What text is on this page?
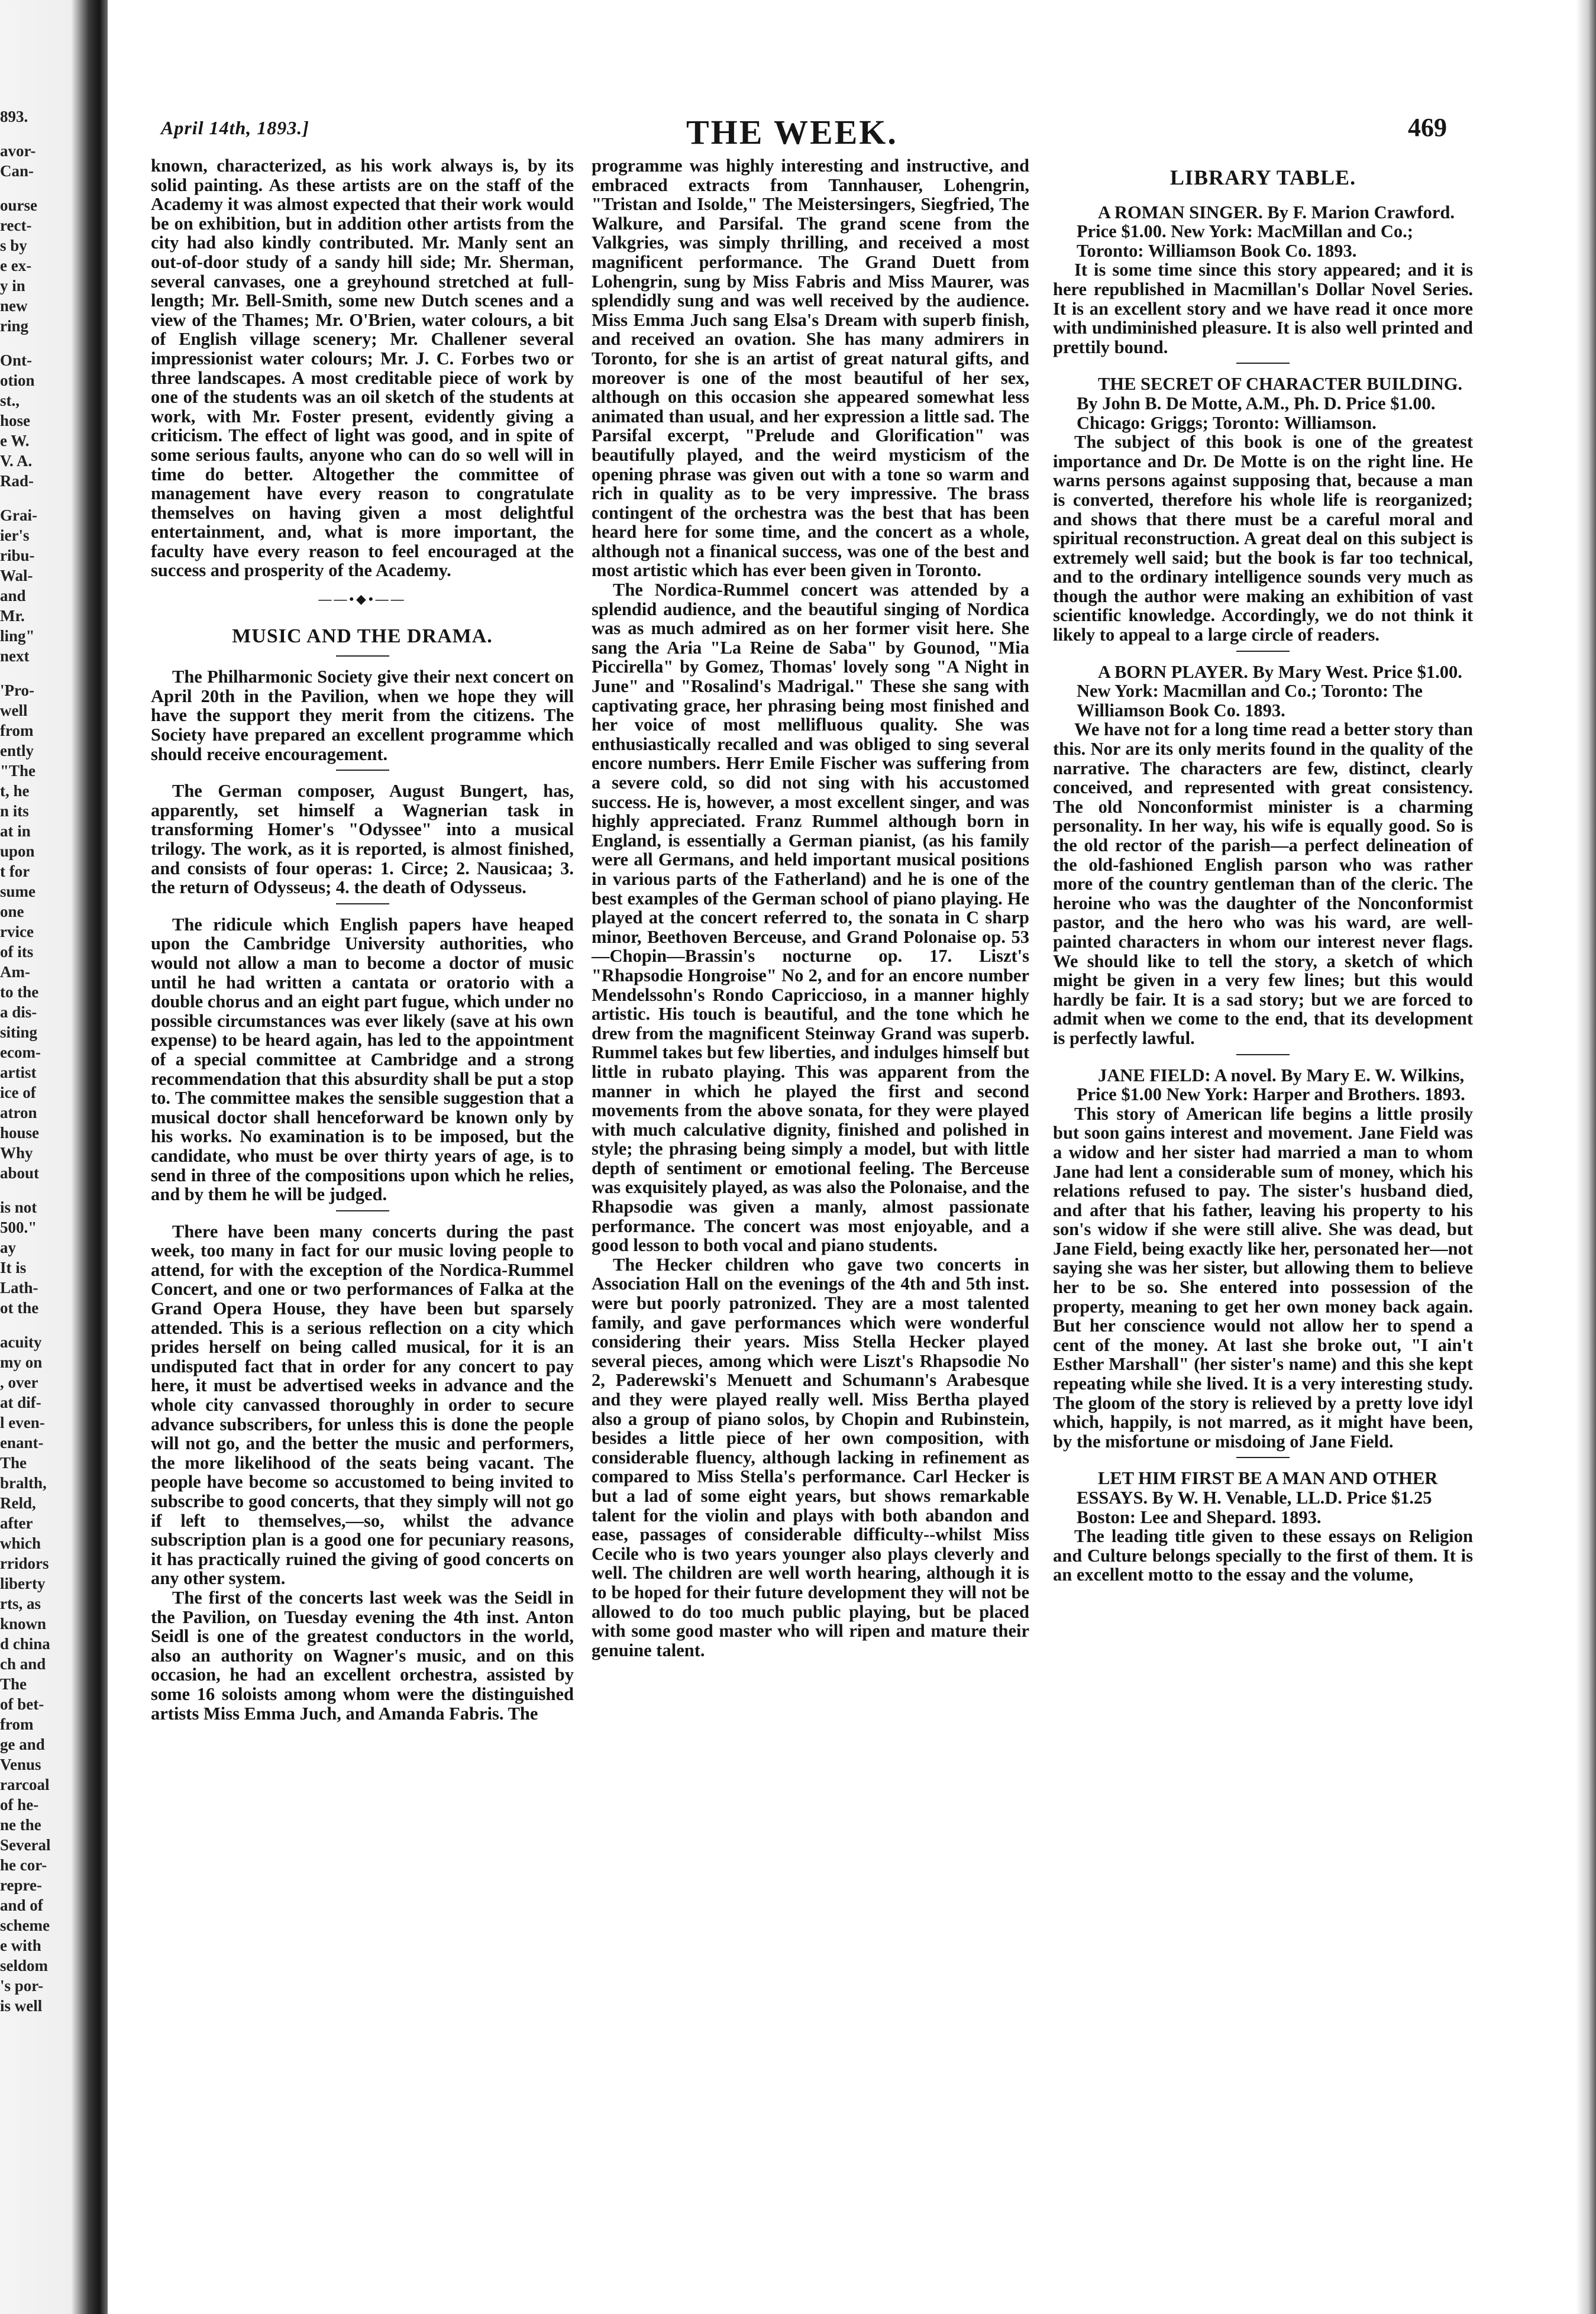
893.
avor-
Can-
ourse
rect-
s by
e ex-
y in
new
ring
Ont-
otion
st.,
hose
e W.
V. A.
Rad-
Grai-
ier's
ribu-
Wal-
and
Mr.
ling"
next
'Pro-
well
from
ently
"The
t, he
n its
at in
upon
t for
sume
one
rvice
of its
Am-
to the
a dis-
siting
ecom-
artist
ice of
atron
house
Why
about
is not
500."
ay
It is
Lath-
ot the
acuity
my on
, over
at dif-
l even-
enant-
The
bralth,
Reld,
after
which
rridors
liberty
rts, as
known
d china
ch and
The
of bet-
from
ge and
Venus
rarcoal
of he-
ne the
Several
he cor-
repre-
and of
scheme
e with
seldom
's por-
is well
April 14th, 1893.]	THE WEEK.	469

known, characterized, as his work always is, by its solid painting. As these artists are on the staff of the Academy it was almost expected that their work would be on exhibition, but in addition other artists from the city had also kindly contributed. Mr. Manly sent an out-of-door study of a sandy hill side; Mr. Sherman, several canvases, one a greyhound stretched at full-length; Mr. Bell-Smith, some new Dutch scenes and a view of the Thames; Mr. O'Brien, water colours, a bit of English village scenery; Mr. Challener several impressionist water colours; Mr. J. C. Forbes two or three landscapes. A most creditable piece of work by one of the students was an oil sketch of the students at work, with Mr. Foster present, evidently giving a criticism. The effect of light was good, and in spite of some serious faults, anyone who can do so well will in time do better. Altogether the committee of management have every reason to congratulate themselves on having given a most delightful entertainment, and, what is more important, the faculty have every reason to feel encouraged at the success and prosperity of the Academy.

——•◆•——
MUSIC AND THE DRAMA.

The Philharmonic Society give their next concert on April 20th in the Pavilion, when we hope they will have the support they merit from the citizens. The Society have prepared an excellent programme which should receive encouragement.

The German composer, August Bungert, has, apparently, set himself a Wagnerian task in transforming Homer's "Odyssee" into a musical trilogy. The work, as it is reported, is almost finished, and consists of four operas: 1. Circe; 2. Nausicaa; 3. the return of Odysseus; 4. the death of Odysseus.

The ridicule which English papers have heaped upon the Cambridge University authorities, who would not allow a man to become a doctor of music until he had written a cantata or oratorio with a double chorus and an eight part fugue, which under no possible circumstances was ever likely (save at his own expense) to be heard again, has led to the appointment of a special committee at Cambridge and a strong recommendation that this absurdity shall be put a stop to. The committee makes the sensible suggestion that a musical doctor shall henceforward be known only by his works. No examination is to be imposed, but the candidate, who must be over thirty years of age, is to send in three of the compositions upon which he relies, and by them he will be judged.

There have been many concerts during the past week, too many in fact for our music loving people to attend, for with the exception of the Nordica-Rummel Concert, and one or two performances of Falka at the Grand Opera House, they have been but sparsely attended. This is a serious reflection on a city which prides herself on being called musical, for it is an undisputed fact that in order for any concert to pay here, it must be advertised weeks in advance and the whole city canvassed thoroughly in order to secure advance subscribers, for unless this is done the people will not go, and the better the music and performers, the more likelihood of the seats being vacant. The people have become so accustomed to being invited to subscribe to good concerts, that they simply will not go if left to themselves,—so, whilst the advance subscription plan is a good one for pecuniary reasons, it has practically ruined the giving of good concerts on any other system.

The first of the concerts last week was the Seidl in the Pavilion, on Tuesday evening the 4th inst. Anton Seidl is one of the greatest conductors in the world, also an authority on Wagner's music, and on this occasion, he had an excellent orchestra, assisted by some 16 soloists among whom were the distinguished artists Miss Emma Juch, and Amanda Fabris. The

programme was highly interesting and instructive, and embraced extracts from Tannhauser, Lohengrin, "Tristan and Isolde," The Meistersingers, Siegfried, The Walkure, and Parsifal. The grand scene from the Valkgries, was simply thrilling, and received a most magnificent performance. The Grand Duett from Lohengrin, sung by Miss Fabris and Miss Maurer, was splendidly sung and was well received by the audience. Miss Emma Juch sang Elsa's Dream with superb finish, and received an ovation. She has many admirers in Toronto, for she is an artist of great natural gifts, and moreover is one of the most beautiful of her sex, although on this occasion she appeared somewhat less animated than usual, and her expression a little sad. The Parsifal excerpt, "Prelude and Glorification" was beautifully played, and the weird mysticism of the opening phrase was given out with a tone so warm and rich in quality as to be very impressive. The brass contingent of the orchestra was the best that has been heard here for some time, and the concert as a whole, although not a finanical success, was one of the best and most artistic which has ever been given in Toronto.

The Nordica-Rummel concert was attended by a splendid audience, and the beautiful singing of Nordica was as much admired as on her former visit here. She sang the Aria "La Reine de Saba" by Gounod, "Mia Piccirella" by Gomez, Thomas' lovely song "A Night in June" and "Rosalind's Madrigal." These she sang with captivating grace, her phrasing being most finished and her voice of most mellifluous quality. She was enthusiastically recalled and was obliged to sing several encore numbers. Herr Emile Fischer was suffering from a severe cold, so did not sing with his accustomed success. He is, however, a most excellent singer, and was highly appreciated. Franz Rummel although born in England, is essentially a German pianist, (as his family were all Germans, and held important musical positions in various parts of the Fatherland) and he is one of the best examples of the German school of piano playing. He played at the concert referred to, the sonata in C sharp minor, Beethoven Berceuse, and Grand Polonaise op. 53—Chopin—Brassin's nocturne op. 17. Liszt's "Rhapsodie Hongroise" No 2, and for an encore number Mendelssohn's Rondo Capriccioso, in a manner highly artistic. His touch is beautiful, and the tone which he drew from the magnificent Steinway Grand was superb. Rummel takes but few liberties, and indulges himself but little in rubato playing. This was apparent from the manner in which he played the first and second movements from the above sonata, for they were played with much calculative dignity, finished and polished in style; the phrasing being simply a model, but with little depth of sentiment or emotional feeling. The Berceuse was exquisitely played, as was also the Polonaise, and the Rhapsodie was given a manly, almost passionate performance. The concert was most enjoyable, and a good lesson to both vocal and piano students.

The Hecker children who gave two concerts in Association Hall on the evenings of the 4th and 5th inst. were but poorly patronized. They are a most talented family, and gave performances which were wonderful considering their years. Miss Stella Hecker played several pieces, among which were Liszt's Rhapsodie No 2, Paderewski's Menuett and Schumann's Arabesque and they were played really well. Miss Bertha played also a group of piano solos, by Chopin and Rubinstein, besides a little piece of her own composition, with considerable fluency, although lacking in refinement as compared to Miss Stella's performance. Carl Hecker is but a lad of some eight years, but shows remarkable talent for the violin and plays with both abandon and ease, passages of considerable difficulty--whilst Miss Cecile who is two years younger also plays cleverly and well. The children are well worth hearing, although it is to be hoped for their future development they will not be allowed to do too much public playing, but be placed with some good master who will ripen and mature their genuine talent.

LIBRARY TABLE.

A ROMAN SINGER. By F. Marion Crawford. Price $1.00. New York: MacMillan and Co.; Toronto: Williamson Book Co. 1893.

It is some time since this story appeared; and it is here republished in Macmillan's Dollar Novel Series. It is an excellent story and we have read it once more with undiminished pleasure. It is also well printed and prettily bound.

THE SECRET OF CHARACTER BUILDING. By John B. De Motte, A.M., Ph. D. Price $1.00. Chicago: Griggs; Toronto: Williamson.

The subject of this book is one of the greatest importance and Dr. De Motte is on the right line. He warns persons against supposing that, because a man is converted, therefore his whole life is reorganized; and shows that there must be a careful moral and spiritual reconstruction. A great deal on this subject is extremely well said; but the book is far too technical, and to the ordinary intelligence sounds very much as though the author were making an exhibition of vast scientific knowledge. Accordingly, we do not think it likely to appeal to a large circle of readers.

A BORN PLAYER. By Mary West. Price $1.00. New York: Macmillan and Co.; Toronto: The Williamson Book Co. 1893.

We have not for a long time read a better story than this. Nor are its only merits found in the quality of the narrative. The characters are few, distinct, clearly conceived, and represented with great consistency. The old Nonconformist minister is a charming personality. In her way, his wife is equally good. So is the old rector of the parish—a perfect delineation of the old-fashioned English parson who was rather more of the country gentleman than of the cleric. The heroine who was the daughter of the Nonconformist pastor, and the hero who was his ward, are well-painted characters in whom our interest never flags. We should like to tell the story, a sketch of which might be given in a very few lines; but this would hardly be fair. It is a sad story; but we are forced to admit when we come to the end, that its development is perfectly lawful.

JANE FIELD: A novel. By Mary E. W. Wilkins, Price $1.00 New York: Harper and Brothers. 1893.

This story of American life begins a little prosily but soon gains interest and movement. Jane Field was a widow and her sister had married a man to whom Jane had lent a considerable sum of money, which his relations refused to pay. The sister's husband died, and after that his father, leaving his property to his son's widow if she were still alive. She was dead, but Jane Field, being exactly like her, personated her—not saying she was her sister, but allowing them to believe her to be so. She entered into possession of the property, meaning to get her own money back again. But her conscience would not allow her to spend a cent of the money. At last she broke out, "I ain't Esther Marshall" (her sister's name) and this she kept repeating while she lived. It is a very interesting study. The gloom of the story is relieved by a pretty love idyl which, happily, is not marred, as it might have been, by the misfortune or misdoing of Jane Field.

LET HIM FIRST BE A MAN AND OTHER ESSAYS. By W. H. Venable, LL.D. Price $1.25 Boston: Lee and Shepard. 1893.

The leading title given to these essays on Religion and Culture belongs specially to the first of them. It is an excellent motto to the essay and the volume,
